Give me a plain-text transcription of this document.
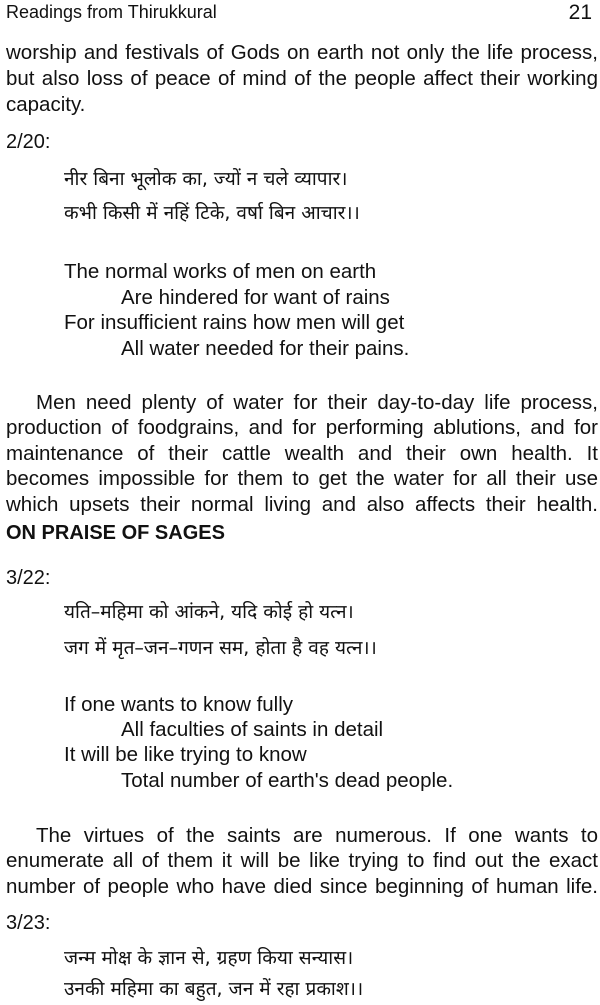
Readings from Thirukkural	21
worship and festivals of Gods on earth not only the life process,
but also loss of peace of mind of the people affect their working
capacity.
2/20:
नीर बिना भूलोक का, ज्यों न चले व्यापार।
कभी किसी में नहिं टिके, वर्षा बिन आचार।।
The normal works of men on earth
Are hindered for want of rains
For insufficient rains how men will get
All water needed for their pains.
Men need plenty of water for their day-to-day life process,
production of foodgrains, and for performing ablutions, and for
maintenance of their cattle wealth and their own health. It
becomes impossible for them to get the water for all their use
which upsets their normal living and also affects their health.
ON PRAISE OF SAGES
3/22:
यति–महिमा को आंकने, यदि कोई हो यत्न।
जग में मृत–जन–गणन सम, होता है वह यत्न।।
If one wants to know fully
All faculties of saints in detail
It will be like trying to know
Total number of earth's dead people.
The virtues of the saints are numerous. If one wants to
enumerate all of them it will be like trying to find out the exact
number of people who have died since beginning of human life.
3/23:
जन्म मोक्ष के ज्ञान से, ग्रहण किया सन्यास।
उनकी महिमा का बहुत, जन में रहा प्रकाश।।
